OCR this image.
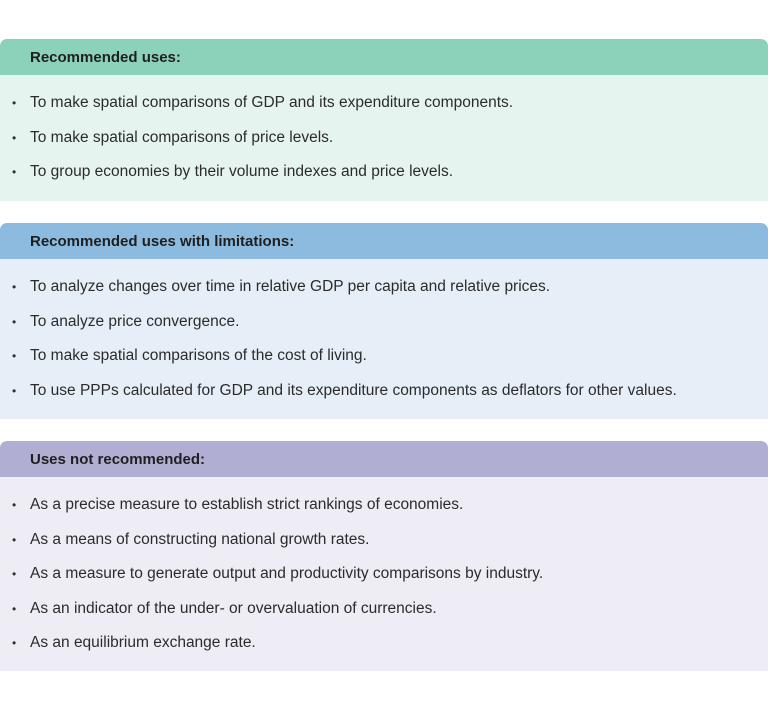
Recommended uses:
• To make spatial comparisons of GDP and its expenditure components.
• To make spatial comparisons of price levels.
• To group economies by their volume indexes and price levels.
Recommended uses with limitations:
• To analyze changes over time in relative GDP per capita and relative prices.
• To analyze price convergence.
• To make spatial comparisons of the cost of living.
• To use PPPs calculated for GDP and its expenditure components as deflators for other values.
Uses not recommended:
• As a precise measure to establish strict rankings of economies.
• As a means of constructing national growth rates.
• As a measure to generate output and productivity comparisons by industry.
• As an indicator of the under- or overvaluation of currencies.
• As an equilibrium exchange rate.
